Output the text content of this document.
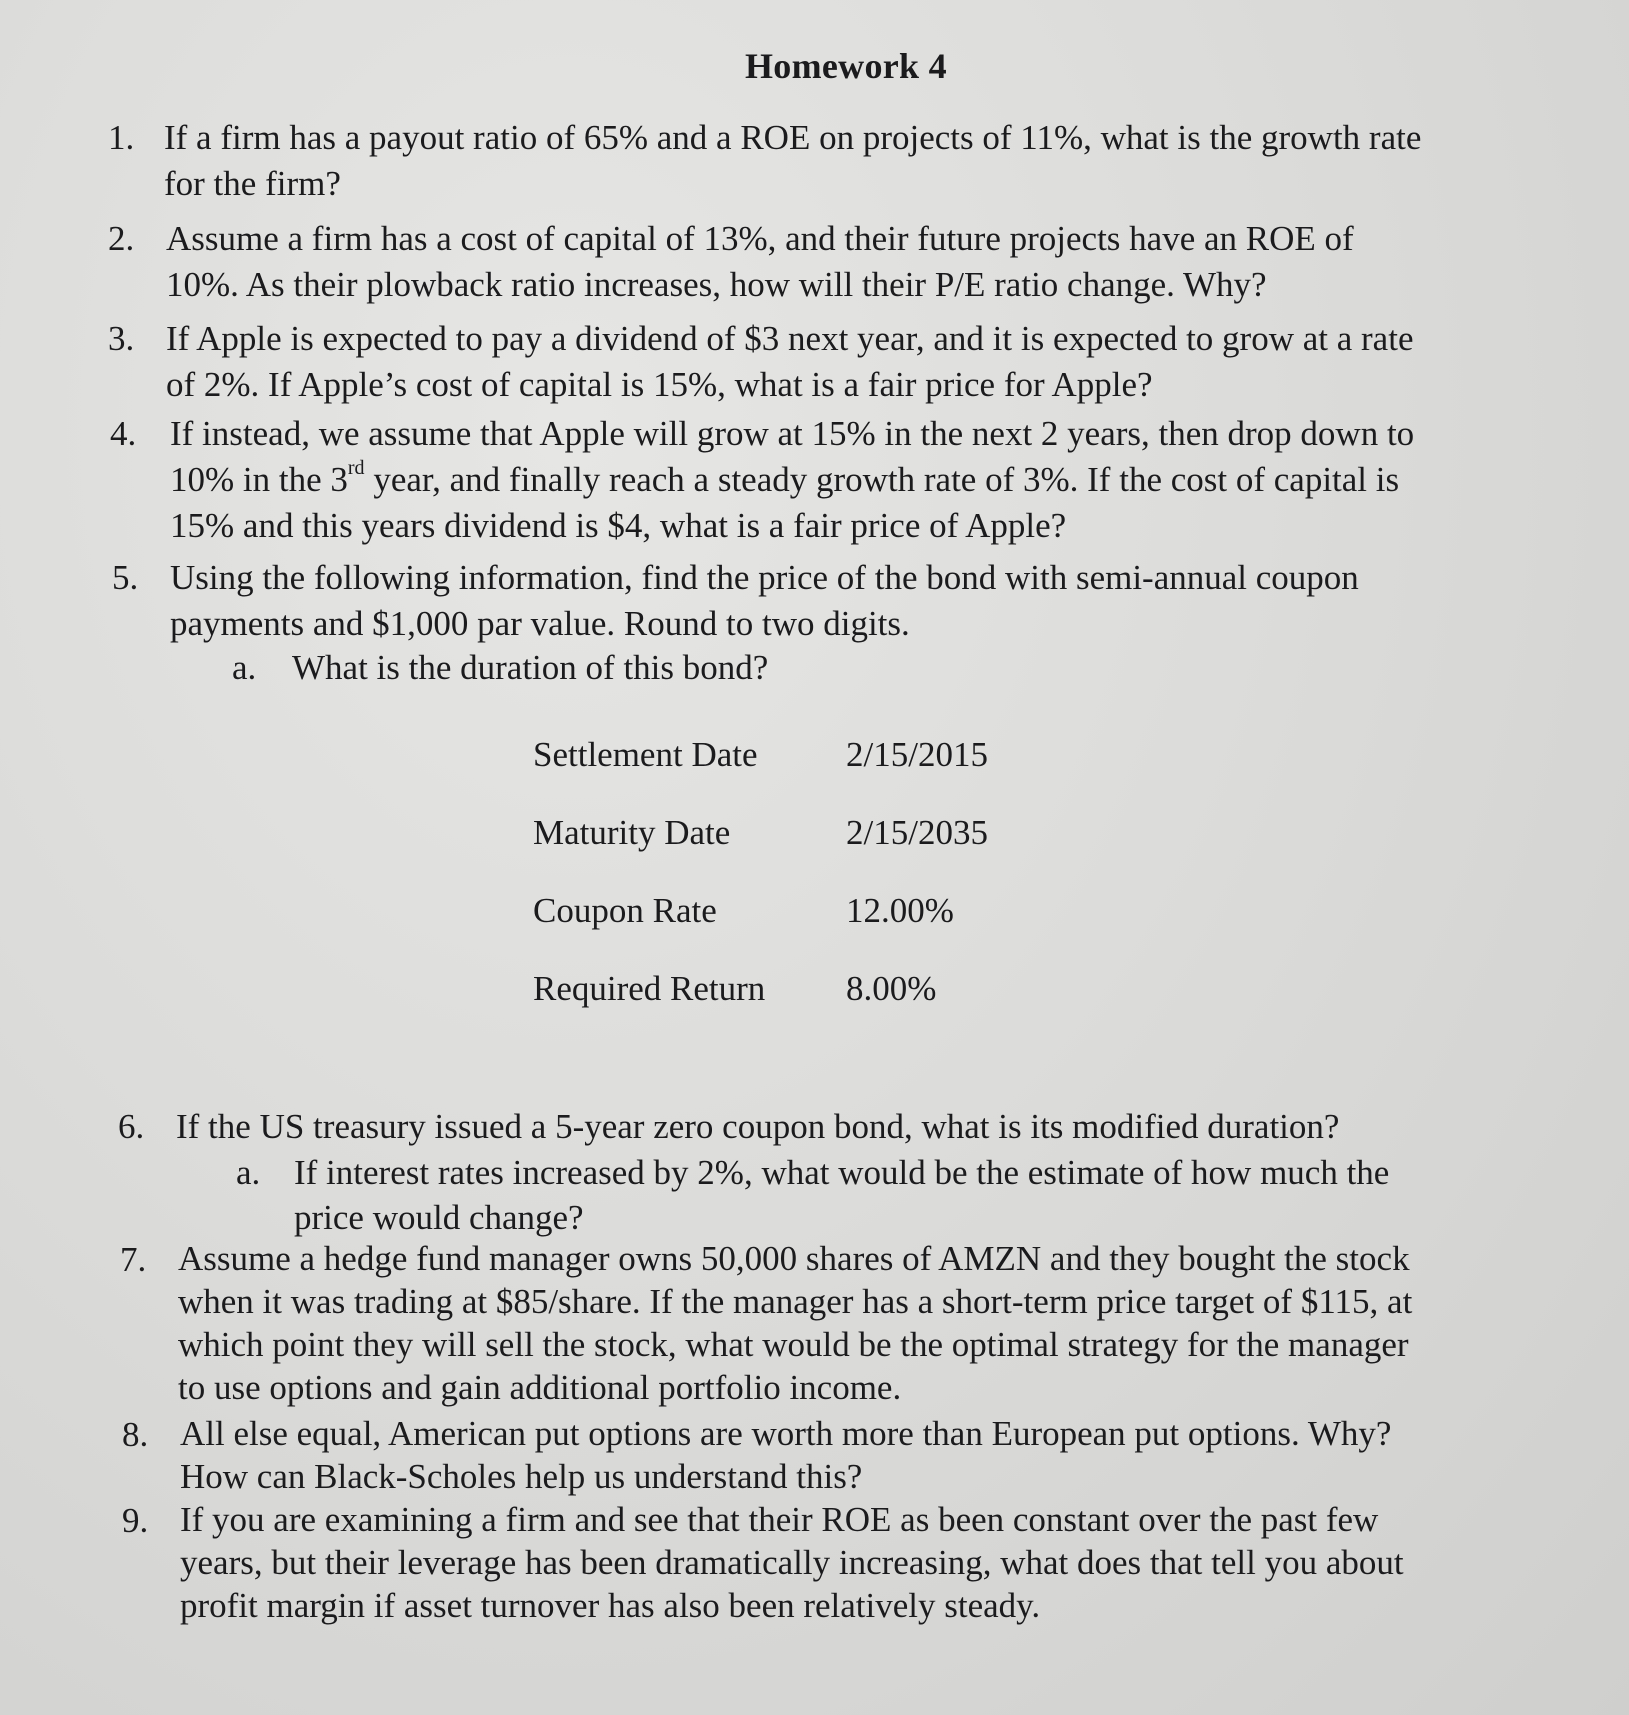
Homework 4
1. If a firm has a payout ratio of 65% and a ROE on projects of 11%, what is the growth rate
for the firm?
2. Assume a firm has a cost of capital of 13%, and their future projects have an ROE of
10%. As their plowback ratio increases, how will their P/E ratio change. Why?
3. If Apple is expected to pay a dividend of $3 next year, and it is expected to grow at a rate
of 2%. If Apple’s cost of capital is 15%, what is a fair price for Apple?
4. If instead, we assume that Apple will grow at 15% in the next 2 years, then drop down to
10% in the 3rd year, and finally reach a steady growth rate of 3%. If the cost of capital is
15% and this years dividend is $4, what is a fair price of Apple?
5. Using the following information, find the price of the bond with semi-annual coupon
payments and $1,000 par value. Round to two digits.
a. What is the duration of this bond?
Settlement Date	2/15/2015
Maturity Date	2/15/2035
Coupon Rate	12.00%
Required Return 8.00%
6. If the US treasury issued a 5-year zero coupon bond, what is its modified duration?
a. If interest rates increased by 2%, what would be the estimate of how much the
price would change?
7. Assume a hedge fund manager owns 50,000 shares of AMZN and they bought the stock
when it was trading at $85/share. If the manager has a short-term price target of $115, at
which point they will sell the stock, what would be the optimal strategy for the manager
to use options and gain additional portfolio income.
8. All else equal, American put options are worth more than European put options. Why?
How can Black-Scholes help us understand this?
9. If you are examining a firm and see that their ROE as been constant over the past few
years, but their leverage has been dramatically increasing, what does that tell you about
profit margin if asset turnover has also been relatively steady.
